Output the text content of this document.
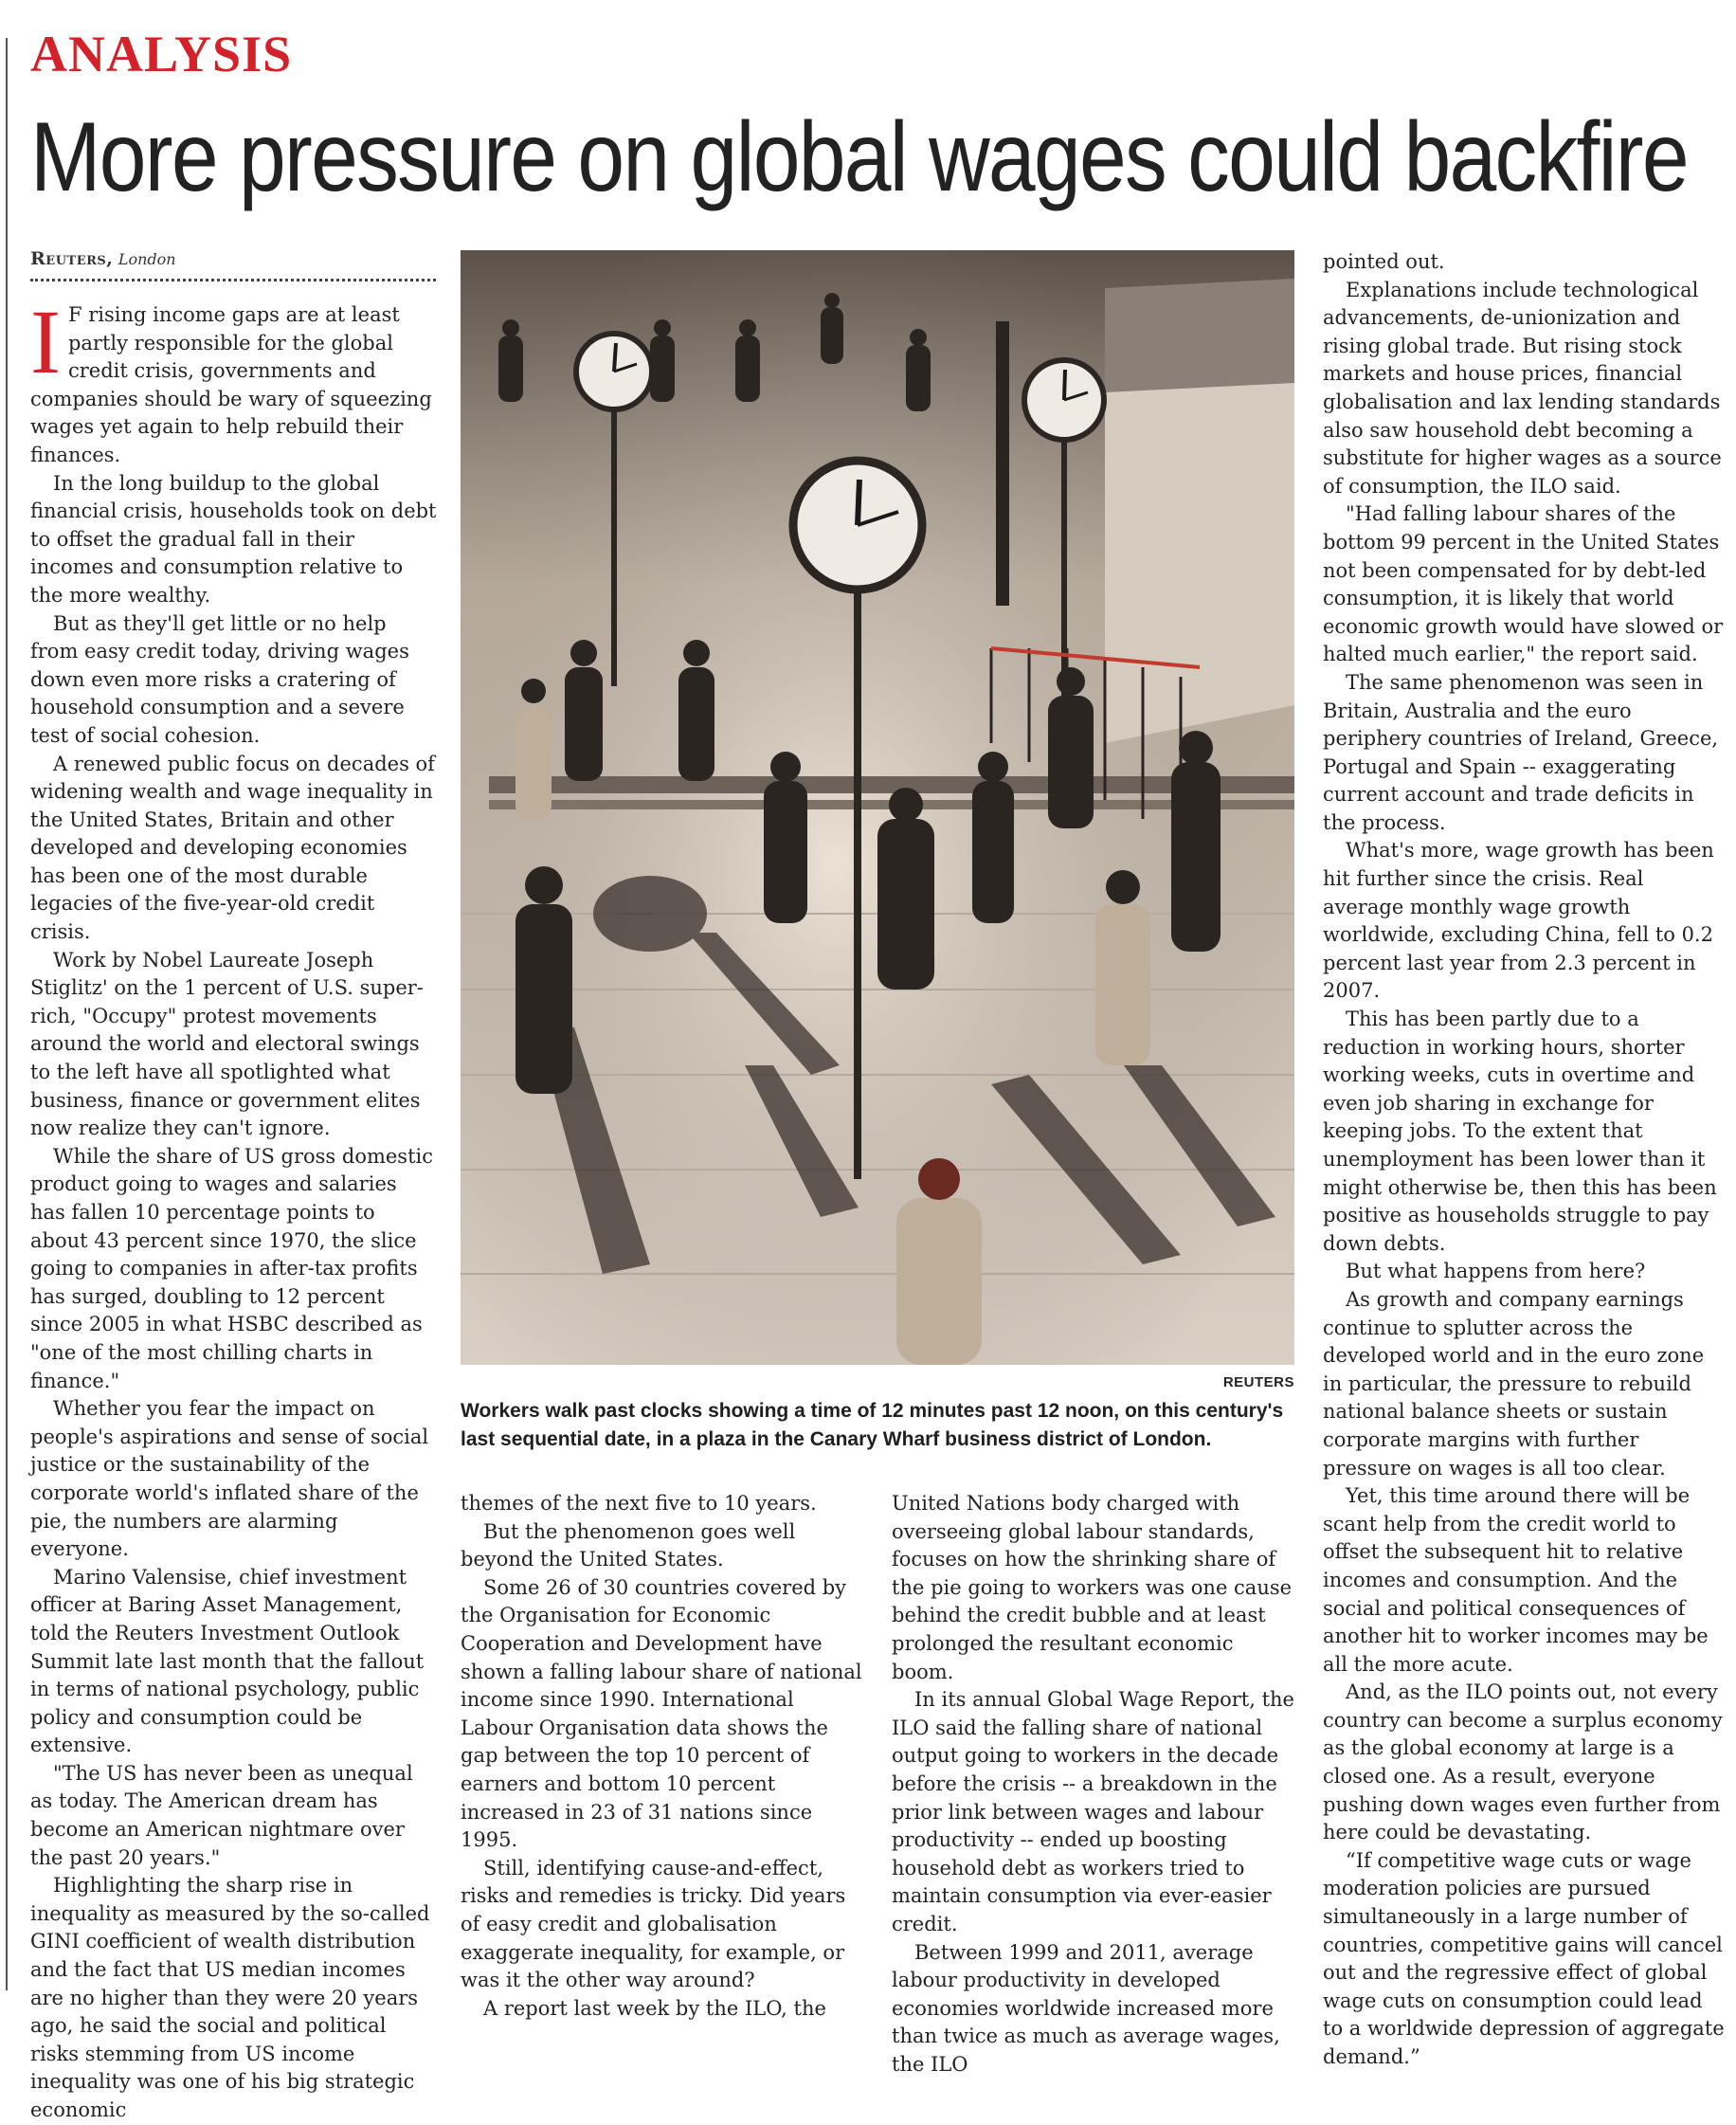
ANALYSIS
More pressure on global wages could backfire
Reuters, London

I F rising income gaps are at least partly responsible for the global credit crisis, governments and companies should be wary of squeezing wages yet again to help rebuild their finances.

In the long buildup to the global financial crisis, households took on debt to offset the gradual fall in their incomes and consumption relative to the more wealthy.

But as they'll get little or no help from easy credit today, driving wages down even more risks a cratering of household consumption and a severe test of social cohesion.

A renewed public focus on decades of widening wealth and wage inequality in the United States, Britain and other developed and developing economies has been one of the most durable legacies of the five-year-old credit crisis.

Work by Nobel Laureate Joseph Stiglitz' on the 1 percent of U.S. super-rich, "Occupy" protest movements around the world and electoral swings to the left have all spotlighted what business, finance or government elites now realize they can't ignore.

While the share of US gross domestic product going to wages and salaries has fallen 10 percentage points to about 43 percent since 1970, the slice going to companies in after-tax profits has surged, doubling to 12 percent since 2005 in what HSBC described as "one of the most chilling charts in finance."

Whether you fear the impact on people's aspirations and sense of social justice or the sustainability of the corporate world's inflated share of the pie, the numbers are alarming everyone.

Marino Valensise, chief investment officer at Baring Asset Management, told the Reuters Investment Outlook Summit late last month that the fallout in terms of national psychology, public policy and consumption could be extensive.

"The US has never been as unequal as today. The American dream has become an American nightmare over the past 20 years."

Highlighting the sharp rise in inequality as measured by the so-called GINI coefficient of wealth distribution and the fact that US median incomes are no higher than they were 20 years ago, he said the social and political risks stemming from US income inequality was one of his big strategic economic

REUTERS
Workers walk past clocks showing a time of 12 minutes past 12 noon, on this century's last sequential date, in a plaza in the Canary Wharf business district of London.

themes of the next five to 10 years.

But the phenomenon goes well beyond the United States.

Some 26 of 30 countries covered by the Organisation for Economic Cooperation and Development have shown a falling labour share of national income since 1990. International Labour Organisation data shows the gap between the top 10 percent of earners and bottom 10 percent increased in 23 of 31 nations since 1995.

Still, identifying cause-and-effect, risks and remedies is tricky. Did years of easy credit and globalisation exaggerate inequality, for example, or was it the other way around?

A report last week by the ILO, the

United Nations body charged with overseeing global labour standards, focuses on how the shrinking share of the pie going to workers was one cause behind the credit bubble and at least prolonged the resultant economic boom.

In its annual Global Wage Report, the ILO said the falling share of national output going to workers in the decade before the crisis -- a breakdown in the prior link between wages and labour productivity -- ended up boosting household debt as workers tried to maintain consumption via ever-easier credit.

Between 1999 and 2011, average labour productivity in developed economies worldwide increased more than twice as much as average wages, the ILO

pointed out.

Explanations include technological advancements, de-unionization and rising global trade. But rising stock markets and house prices, financial globalisation and lax lending standards also saw household debt becoming a substitute for higher wages as a source of consumption, the ILO said.

"Had falling labour shares of the bottom 99 percent in the United States not been compensated for by debt-led consumption, it is likely that world economic growth would have slowed or halted much earlier," the report said.

The same phenomenon was seen in Britain, Australia and the euro periphery countries of Ireland, Greece, Portugal and Spain -- exaggerating current account and trade deficits in the process.

What's more, wage growth has been hit further since the crisis. Real average monthly wage growth worldwide, excluding China, fell to 0.2 percent last year from 2.3 percent in 2007.

This has been partly due to a reduction in working hours, shorter working weeks, cuts in overtime and even job sharing in exchange for keeping jobs. To the extent that unemployment has been lower than it might otherwise be, then this has been positive as households struggle to pay down debts.

But what happens from here?

As growth and company earnings continue to splutter across the developed world and in the euro zone in particular, the pressure to rebuild national balance sheets or sustain corporate margins with further pressure on wages is all too clear.

Yet, this time around there will be scant help from the credit world to offset the subsequent hit to relative incomes and consumption. And the social and political consequences of another hit to worker incomes may be all the more acute.

And, as the ILO points out, not every country can become a surplus economy as the global economy at large is a closed one. As a result, everyone pushing down wages even further from here could be devastating.

“If competitive wage cuts or wage moderation policies are pursued simultaneously in a large number of countries, competitive gains will cancel out and the regressive effect of global wage cuts on consumption could lead to a worldwide depression of aggregate demand.”
